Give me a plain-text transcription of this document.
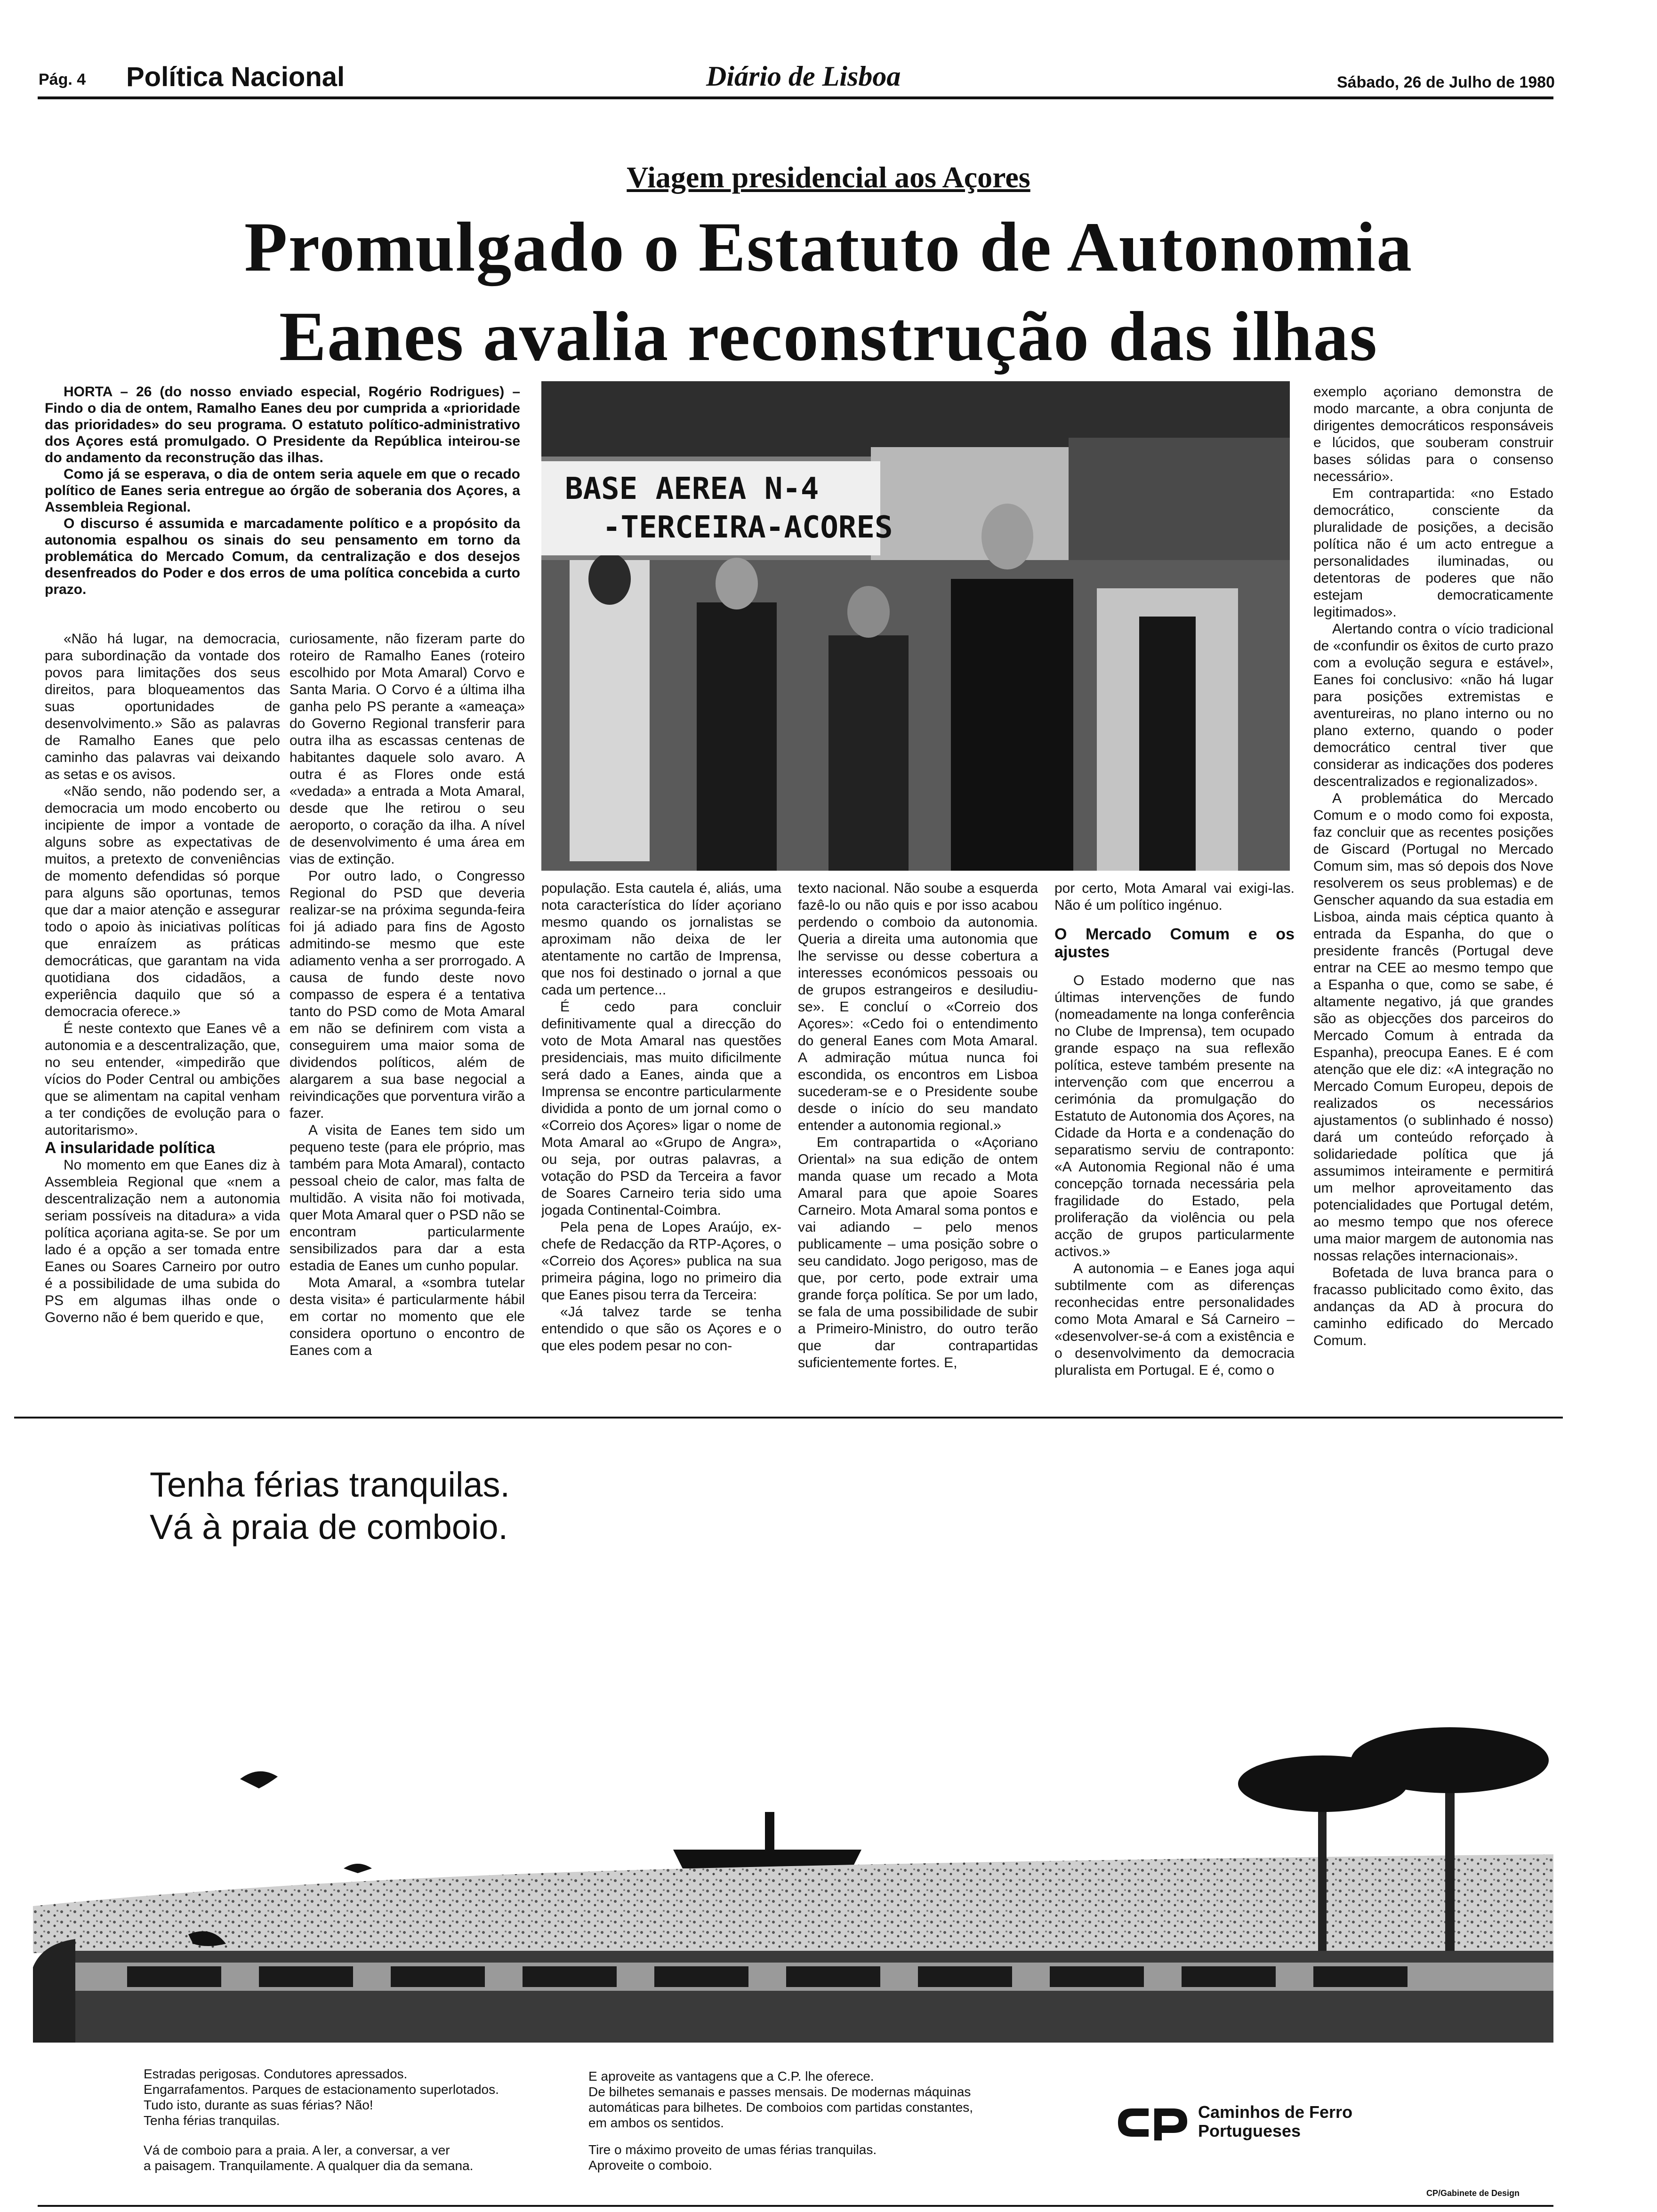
Pág. 4 Política Nacional	Diário de Lisboa	Sábado, 26 de Julho de 1980
Viagem presidencial aos Açores
Promulgado o Estatuto de Autonomia
Eanes avalia reconstrução das ilhas

HORTA – 26 (do nosso enviado especial, Rogério Rodrigues) – Findo o dia de ontem, Ramalho Eanes deu por cumprida a «prioridade das prioridades» do seu programa. O estatuto político-administrativo dos Açores está promulgado. O Presidente da República inteirou-se do andamento da reconstrução das ilhas.

Como já se esperava, o dia de ontem seria aquele em que o recado político de Eanes seria entregue ao órgão de soberania dos Açores, a Assembleia Regional.

O discurso é assumida e marcadamente político e a propósito da autonomia espalhou os sinais do seu pensamento em torno da problemática do Mercado Comum, da centralização e dos desejos desenfreados do Poder e dos erros de uma política concebida a curto prazo.

BASE AEREA N-4
-TERCEIRA-ACORES

«Não há lugar, na democracia, para subordinação da vontade dos povos para limitações dos seus direitos, para bloqueamentos das suas oportunidades de desenvolvimento.» São as palavras de Ramalho Eanes que pelo caminho das palavras vai deixando as setas e os avisos.

«Não sendo, não podendo ser, a democracia um modo encoberto ou incipiente de impor a vontade de alguns sobre as expectativas de muitos, a pretexto de conveniências de momento defendidas só porque para alguns são oportunas, temos que dar a maior atenção e assegurar todo o apoio às iniciativas políticas que enraízem as práticas democráticas, que garantam na vida quotidiana dos cidadãos, a experiência daquilo que só a democracia oferece.»

É neste contexto que Eanes vê a autonomia e a descentralização, que, no seu entender, «impedirão que vícios do Poder Central ou ambições que se alimentam na capital venham a ter condições de evolução para o autoritarismo».

A insularidade política

No momento em que Eanes diz à Assembleia Regional que «nem a descentralização nem a autonomia seriam possíveis na ditadura» a vida política açoriana agita-se. Se por um lado é a opção a ser tomada entre Eanes ou Soares Carneiro por outro é a possibilidade de uma subida do PS em algumas ilhas onde o Governo não é bem querido e que,

curiosamente, não fizeram parte do roteiro de Ramalho Eanes (roteiro escolhido por Mota Amaral) Corvo e Santa Maria. O Corvo é a última ilha ganha pelo PS perante a «ameaça» do Governo Regional transferir para outra ilha as escassas centenas de habitantes daquele solo avaro. A outra é as Flores onde está «vedada» a entrada a Mota Amaral, desde que lhe retirou o seu aeroporto, o coração da ilha. A nível de desenvolvimento é uma área em vias de extinção.

Por outro lado, o Congresso Regional do PSD que deveria realizar-se na próxima segunda-feira foi já adiado para fins de Agosto admitindo-se mesmo que este adiamento venha a ser prorrogado. A causa de fundo deste novo compasso de espera é a tentativa tanto do PSD como de Mota Amaral em não se definirem com vista a conseguirem uma maior soma de dividendos políticos, além de alargarem a sua base negocial a reivindicações que porventura virão a fazer.

A visita de Eanes tem sido um pequeno teste (para ele próprio, mas também para Mota Amaral), contacto pessoal cheio de calor, mas falta de multidão. A visita não foi motivada, quer Mota Amaral quer o PSD não se encontram particularmente sensibilizados para dar a esta estadia de Eanes um cunho popular.

Mota Amaral, a «sombra tutelar desta visita» é particularmente hábil em cortar no momento que ele considera oportuno o encontro de Eanes com a

população. Esta cautela é, aliás, uma nota característica do líder açoriano mesmo quando os jornalistas se aproximam não deixa de ler atentamente no cartão de Imprensa, que nos foi destinado o jornal a que cada um pertence...

É cedo para concluir definitivamente qual a direcção do voto de Mota Amaral nas questões presidenciais, mas muito dificilmente será dado a Eanes, ainda que a Imprensa se encontre particularmente dividida a ponto de um jornal como o «Correio dos Açores» ligar o nome de Mota Amaral ao «Grupo de Angra», ou seja, por outras palavras, a votação do PSD da Terceira a favor de Soares Carneiro teria sido uma jogada Continental-Coimbra.

Pela pena de Lopes Araújo, ex-chefe de Redacção da RTP-Açores, o «Correio dos Açores» publica na sua primeira página, logo no primeiro dia que Eanes pisou terra da Terceira:

«Já talvez tarde se tenha entendido o que são os Açores e o que eles podem pesar no con-

texto nacional. Não soube a esquerda fazê-lo ou não quis e por isso acabou perdendo o comboio da autonomia. Queria a direita uma autonomia que lhe servisse ou desse cobertura a interesses económicos pessoais ou de grupos estrangeiros e desiludiu-se». E concluí o «Correio dos Açores»: «Cedo foi o entendimento do general Eanes com Mota Amaral. A admiração mútua nunca foi escondida, os encontros em Lisboa sucederam-se e o Presidente soube desde o início do seu mandato entender a autonomia regional.»

Em contrapartida o «Açoriano Oriental» na sua edição de ontem manda quase um recado a Mota Amaral para que apoie Soares Carneiro. Mota Amaral soma pontos e vai adiando – pelo menos publicamente – uma posição sobre o seu candidato. Jogo perigoso, mas de que, por certo, pode extrair uma grande força política. Se por um lado, se fala de uma possibilidade de subir a Primeiro-Ministro, do outro terão que dar contrapartidas suficientemente fortes. E,

por certo, Mota Amaral vai exigi-las. Não é um político ingénuo.

O Mercado Comum e os ajustes

O Estado moderno que nas últimas intervenções de fundo (nomeadamente na longa conferência no Clube de Imprensa), tem ocupado grande espaço na sua reflexão política, esteve também presente na intervenção com que encerrou a cerimónia da promulgação do Estatuto de Autonomia dos Açores, na Cidade da Horta e a condenação do separatismo serviu de contraponto: «A Autonomia Regional não é uma concepção tornada necessária pela fragilidade do Estado, pela proliferação da violência ou pela acção de grupos particularmente activos.»

A autonomia – e Eanes joga aqui subtilmente com as diferenças reconhecidas entre personalidades como Mota Amaral e Sá Carneiro – «desenvolver-se-á com a existência e o desenvolvimento da democracia pluralista em Portugal. E é, como o

exemplo açoriano demonstra de modo marcante, a obra conjunta de dirigentes democráticos responsáveis e lúcidos, que souberam construir bases sólidas para o consenso necessário».

Em contrapartida: «no Estado democrático, consciente da pluralidade de posições, a decisão política não é um acto entregue a personalidades iluminadas, ou detentoras de poderes que não estejam democraticamente legitimados».

Alertando contra o vício tradicional de «confundir os êxitos de curto prazo com a evolução segura e estável», Eanes foi conclusivo: «não há lugar para posições extremistas e aventureiras, no plano interno ou no plano externo, quando o poder democrático central tiver que considerar as indicações dos poderes descentralizados e regionalizados».

A problemática do Mercado Comum e o modo como foi exposta, faz concluir que as recentes posições de Giscard (Portugal no Mercado Comum sim, mas só depois dos Nove resolverem os seus problemas) e de Genscher aquando da sua estadia em Lisboa, ainda mais céptica quanto à entrada da Espanha, do que o presidente francês (Portugal deve entrar na CEE ao mesmo tempo que a Espanha o que, como se sabe, é altamente negativo, já que grandes são as objecções dos parceiros do Mercado Comum à entrada da Espanha), preocupa Eanes. E é com atenção que ele diz: «A integração no Mercado Comum Europeu, depois de realizados os necessários ajustamentos (o sublinhado é nosso) dará um conteúdo reforçado à solidariedade política que já assumimos inteiramente e permitirá um melhor aproveitamento das potencialidades que Portugal detém, ao mesmo tempo que nos oferece uma maior margem de autonomia nas nossas relações internacionais».

Bofetada de luva branca para o fracasso publicitado como êxito, das andanças da AD à procura do caminho edificado do Mercado Comum.

Tenha férias tranquilas.
Vá à praia de comboio.
Estradas perigosas. Condutores apressados.
Engarrafamentos. Parques de estacionamento superlotados.
Tudo isto, durante as suas férias? Não!
Tenha férias tranquilas.
Vá de comboio para a praia. A ler, a conversar, a ver
a paisagem. Tranquilamente. A qualquer dia da semana.
E aproveite as vantagens que a C.P. lhe oferece.
De bilhetes semanais e passes mensais. De modernas máquinas
automáticas para bilhetes. De comboios com partidas constantes,
em ambos os sentidos.
Tire o máximo proveito de umas férias tranquilas.
Aproveite o comboio.
Caminhos de Ferro
Portugueses
CP/Gabinete de Design
